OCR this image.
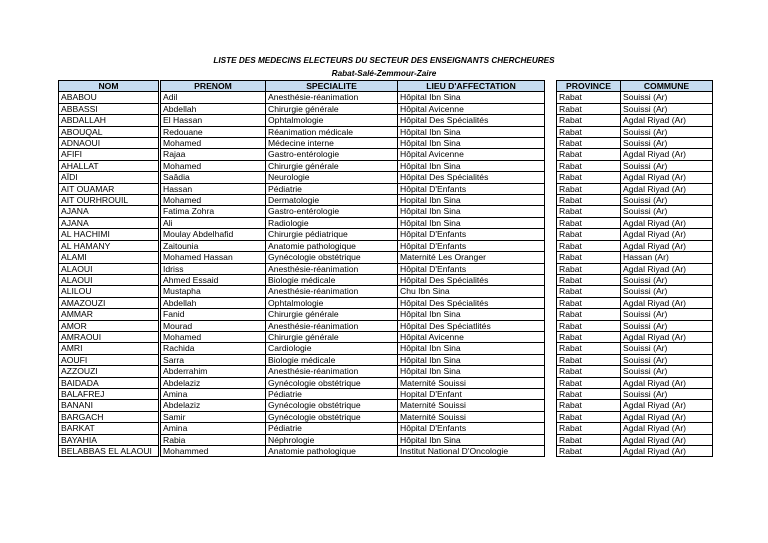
LISTE DES MEDECINS ELECTEURS DU SECTEUR DES ENSEIGNANTS CHERCHEURES
Rabat-Salé-Zemmour-Zaire
NOM		PRENOM	SPECIALITE	LIEU D'AFFECTATION		PROVINCE	COMMUNE
ABABOU		Adil	Anesthésie-réanimation	Hôpital Ibn Sina		Rabat	Souissi (Ar)
ABBASSI		Abdellah	Chirurgie générale	Hôpital Avicenne		Rabat	Souissi (Ar)
ABDALLAH		El Hassan	Ophtalmologie	Hôpital Des Spécialités		Rabat	Agdal Riyad (Ar)
ABOUQAL		Redouane	Réanimation médicale	Hôpital Ibn Sina		Rabat	Souissi (Ar)
ADNAOUI		Mohamed	Médecine interne	Hôpital Ibn Sina		Rabat	Souissi (Ar)
AFIFI		Rajaa	Gastro-entérologie	Hôpital Avicenne		Rabat	Agdal Riyad (Ar)
AHALLAT		Mohamed	Chirurgie générale	Hôpital Ibn Sina		Rabat	Souissi (Ar)
AÏDI		Saâdia	Neurologie	Hôpital Des Spécialités		Rabat	Agdal Riyad (Ar)
AIT OUAMAR		Hassan	Pédiatrie	Hôpital D'Enfants		Rabat	Agdal Riyad (Ar)
AIT OURHROUIL		Mohamed	Dermatologie	Hopital Ibn Sina		Rabat	Souissi (Ar)
AJANA		Fatima Zohra	Gastro-entérologie	Hôpital Ibn Sina		Rabat	Souissi (Ar)
AJANA		Ali	Radiologie	Hôpital Ibn Sina		Rabat	Agdal Riyad (Ar)
AL HACHIMI		Moulay Abdelhafid	Chirurgie pédiatrique	Hôpital D'Enfants		Rabat	Agdal Riyad (Ar)
AL HAMANY		Zaitounia	Anatomie pathologique	Hôpital D'Enfants		Rabat	Agdal Riyad (Ar)
ALAMI		Mohamed Hassan	Gynécologie obstétrique	Maternité Les Oranger		Rabat	Hassan (Ar)
ALAOUI		Idriss	Anesthésie-réanimation	Hôpital D'Enfants		Rabat	Agdal Riyad (Ar)
ALAOUI		Ahmed Essaid	Biologie médicale	Hôpital Des Spécialités		Rabat	Souissi (Ar)
ALILOU		Mustapha	Anesthésie-réanimation	Chu Ibn Sina		Rabat	Souissi (Ar)
AMAZOUZI		Abdellah	Ophtalmologie	Hôpital Des Spécialités		Rabat	Agdal Riyad (Ar)
AMMAR		Fanid	Chirurgie générale	Hôpital Ibn Sina		Rabat	Souissi (Ar)
AMOR		Mourad	Anesthésie-réanimation	Hôpital Des Spéciatlités		Rabat	Souissi (Ar)
AMRAOUI		Mohamed	Chirurgie générale	Hôpital Avicenne		Rabat	Agdal Riyad (Ar)
AMRI		Rachida	Cardiologie	Hôpital Ibn Sina		Rabat	Souissi (Ar)
AOUFI		Sarra	Biologie médicale	Hôpital Ibn Sina		Rabat	Souissi (Ar)
AZZOUZI		Abderrahim	Anesthésie-réanimation	Hôpital Ibn Sina		Rabat	Souissi (Ar)
BAIDADA		Abdelaziz	Gynécologie obstétrique	Maternité Souissi		Rabat	Agdal Riyad (Ar)
BALAFREJ		Amina	Pédiatrie	Hopital D'Enfant		Rabat	Souissi (Ar)
BANANI		Abdelaziz	Gynécologie obstétrique	Maternité Souissi		Rabat	Agdal Riyad (Ar)
BARGACH		Samir	Gynécologie obstétrique	Maternité Souissi		Rabat	Agdal Riyad (Ar)
BARKAT		Amina	Pédiatrie	Hôpital D'Enfants		Rabat	Agdal Riyad (Ar)
BAYAHIA		Rabia	Néphrologie	Hôpital Ibn Sina		Rabat	Agdal Riyad (Ar)
BELABBAS EL ALAOUI		Mohammed	Anatomie pathologique	Institut National D'Oncologie		Rabat	Agdal Riyad (Ar)
